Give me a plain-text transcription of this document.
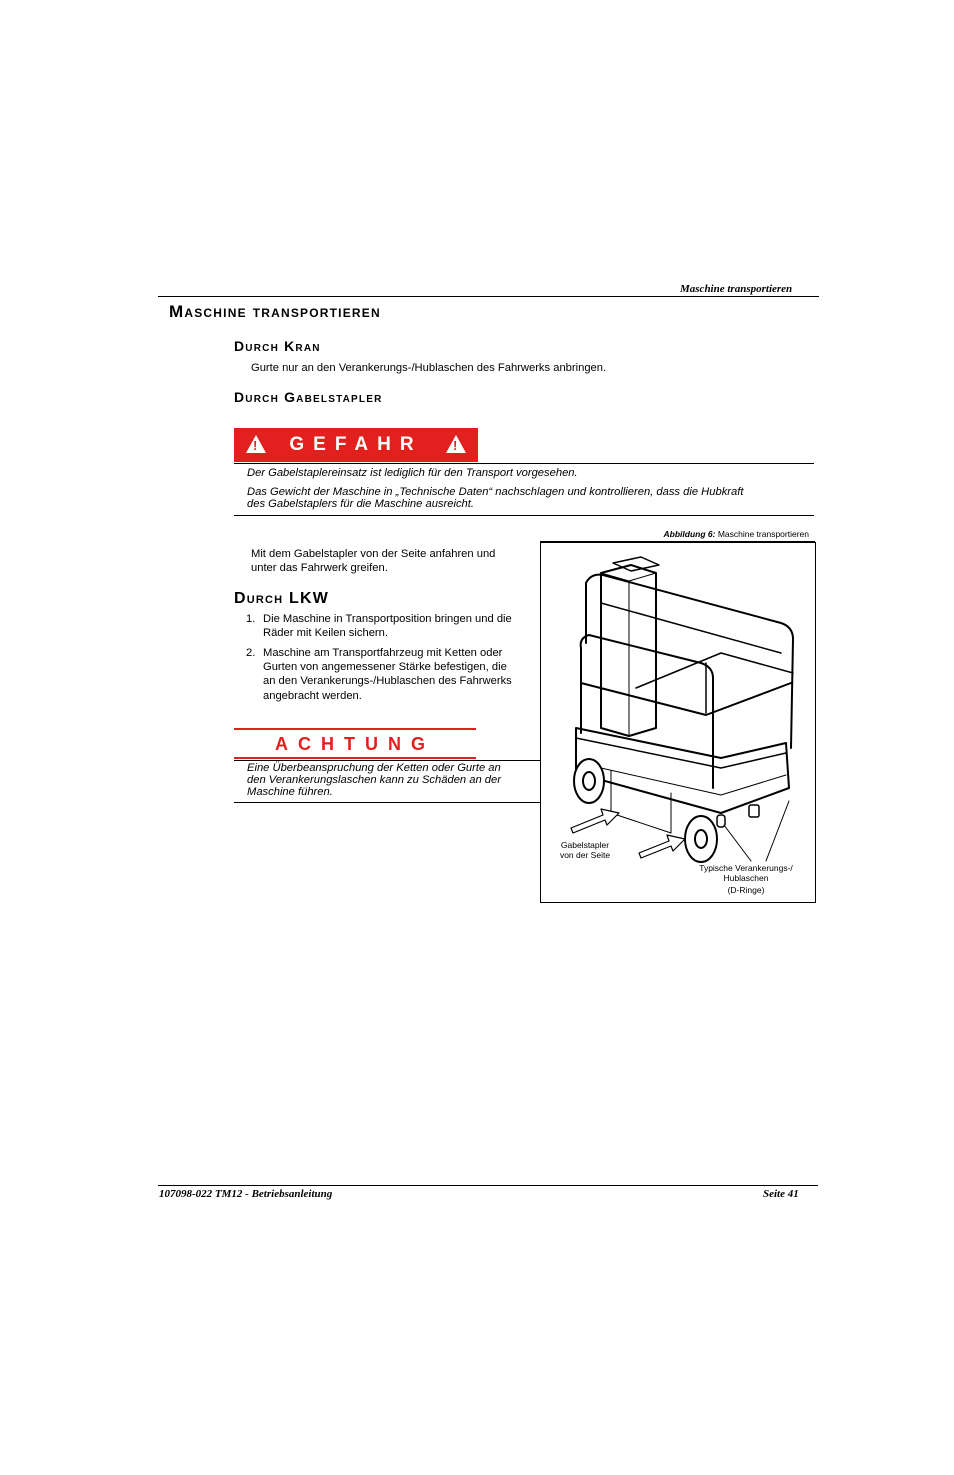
Maschine transportieren
Maschine transportieren
Durch Kran
Gurte nur an den Verankerungs-/Hublaschen des Fahrwerks anbringen.
Durch Gabelstapler
!	GEFAHR	!
Der Gabelstaplereinsatz ist lediglich für den Transport vorgesehen.
Das Gewicht der Maschine in „Technische Daten“ nachschlagen und kontrollieren, dass die Hubkraft
des Gabelstaplers für die Maschine ausreicht.
Mit dem Gabelstapler von der Seite anfahren und
unter das Fahrwerk greifen.
Durch LKW
1. Die Maschine in Transportposition bringen und die
Räder mit Keilen sichern.
2. Maschine am Transportfahrzeug mit Ketten oder
Gurten von angemessener Stärke befestigen, die
an den Verankerungs-/Hublaschen des Fahrwerks
angebracht werden.
ACHTUNG
Eine Überbeanspruchung der Ketten oder Gurte an
den Verankerungslaschen kann zu Schäden an der
Maschine führen.
Abbildung 6: Maschine transportieren
Gabelstapler
von der Seite
Typische Verankerungs-/
Hublaschen
(D-Ringe)
107098-022 TM12 - Betriebsanleitung	Seite 41
